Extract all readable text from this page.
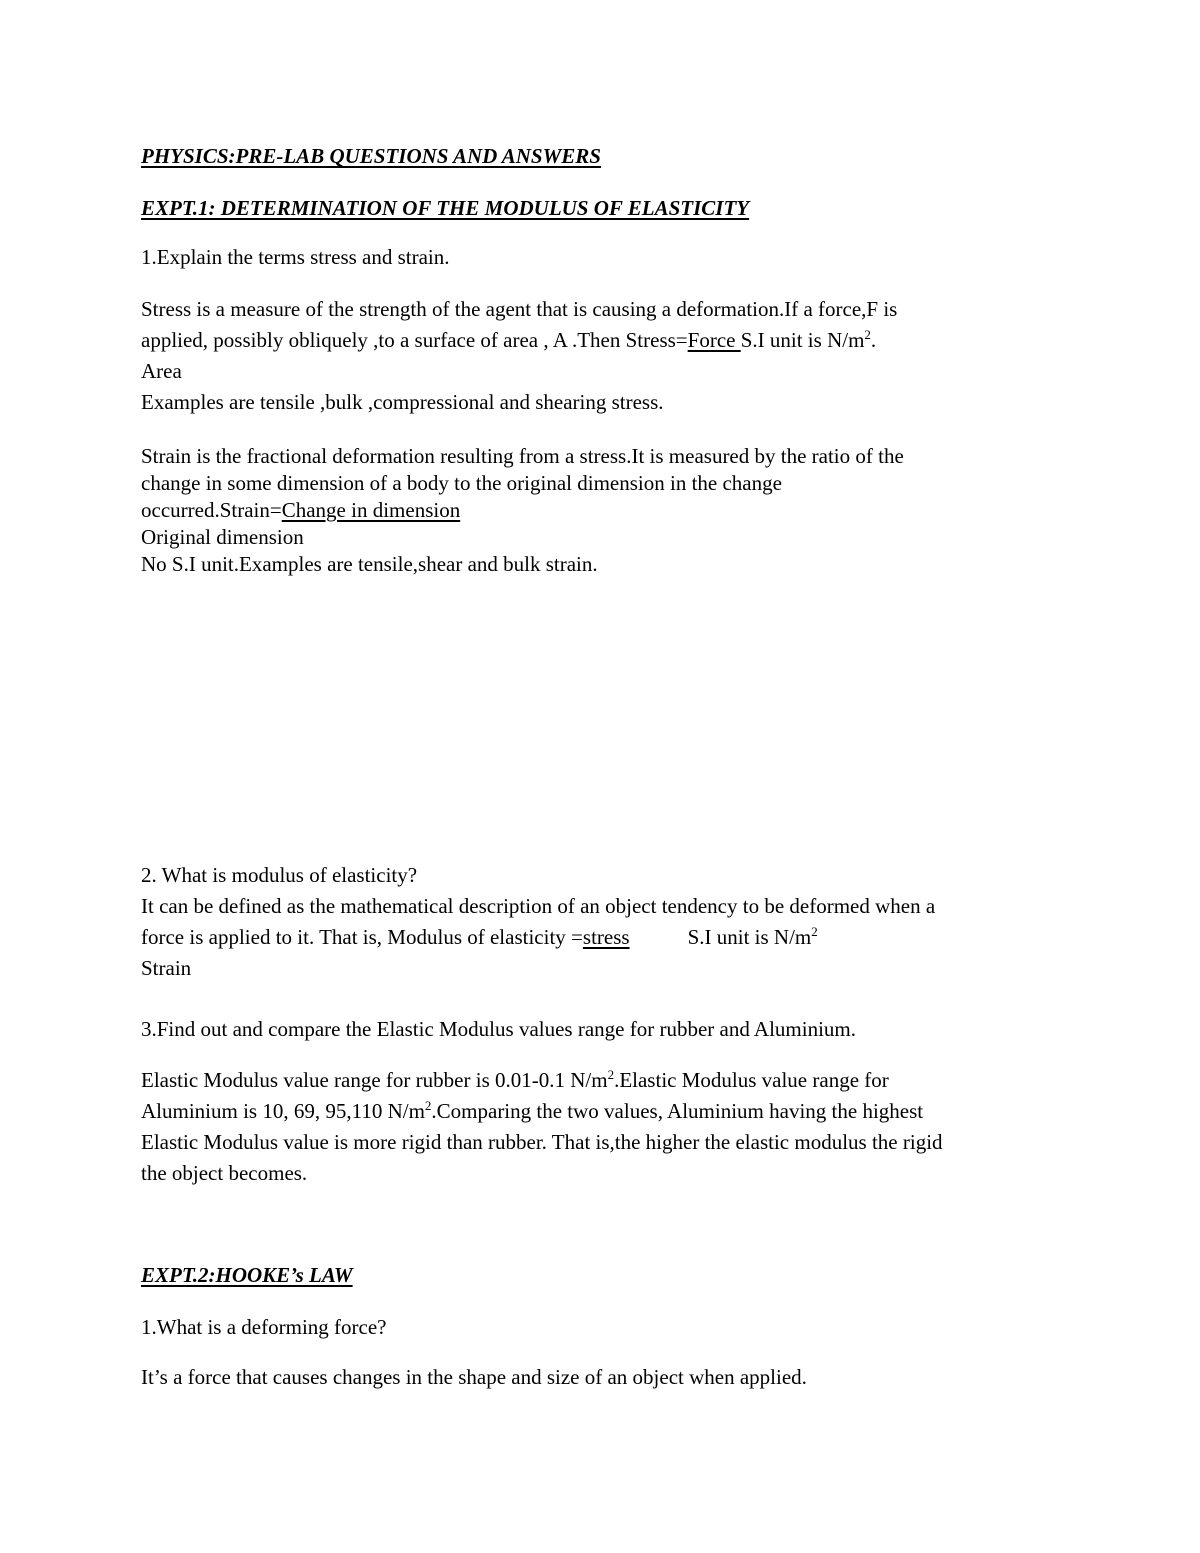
PHYSICS:PRE-LAB QUESTIONS AND ANSWERS
EXPT.1: DETERMINATION OF THE MODULUS OF ELASTICITY
1.Explain the terms stress and strain.
Stress is a measure of the strength of the agent that is causing a deformation.If a force,F is
applied, possibly obliquely ,to a surface of area , A .Then Stress=Force S.I unit is $N/m^2$.
Area
Examples are tensile ,bulk ,compressional and shearing stress.
Strain is the fractional deformation resulting from a stress.It is measured by the ratio of the
change in some dimension of a body to the original dimension in the change
occurred.Strain=Change in dimension
Original dimension
No S.I unit.Examples are tensile,shear and bulk strain.
2. What is modulus of elasticity?
It can be defined as the mathematical description of an object tendency to be deformed when a
force is applied to it. That is, Modulus of elasticity =stress	S.I unit is $N/m^2$
Strain
3.Find out and compare the Elastic Modulus values range for rubber and Aluminium.
Elastic Modulus value range for rubber is 0.01-0.1 $N/m^2.Elastic$ Modulus value range for
Aluminium is 10, 69, 95,110 $N/m^2.Comparing$ the two values, Aluminium having the highest
Elastic Modulus value is more rigid than rubber. That is,the higher the elastic modulus the rigid
the object becomes.
EXPT.2:HOOKE’s LAW
1.What is a deforming force?
It’s a force that causes changes in the shape and size of an object when applied.
